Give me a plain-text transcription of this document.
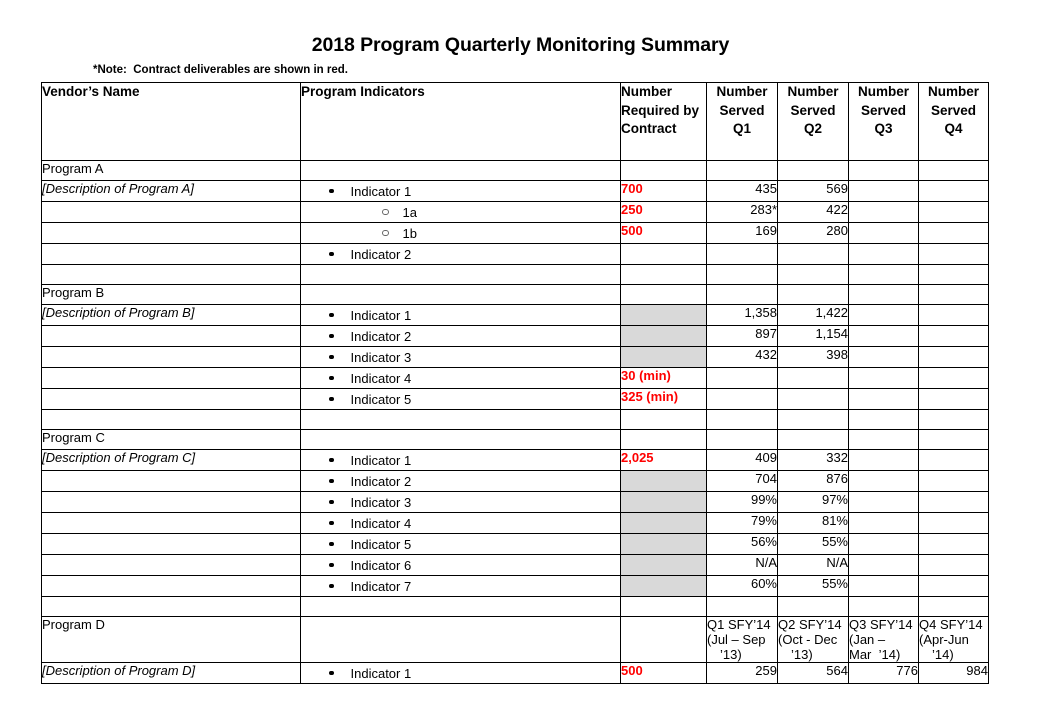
2018 Program Quarterly Monitoring Summary
*Note:  Contract deliverables are shown in red.
Vendor’s Name	Program Indicators	Number Required by Contract	Number
Served
Q1	Number
Served
Q2	Number
Served
Q3	Number
Served
Q4

Program A						
[Description of Program A]	Indicator 1	700	435	569		

	1a	250	283*	422		

	1b	500	169	280		

	Indicator 2					

Program B						
[Description of Program B]	Indicator 1		1,358	1,422		

	Indicator 2		897	1,154		

	Indicator 3		432	398		

	Indicator 4	30 (min)				

	Indicator 5	325 (min)				

Program C						
[Description of Program C]	Indicator 1	2,025	409	332		

	Indicator 2		704	876		

	Indicator 3		99%	97%		

	Indicator 4		79%	81%		

	Indicator 5		56%	55%		

	Indicator 6		N/A	N/A		

	Indicator 7		60%	55%		

Program D			Q1 SFY’14
(Jul – Sep
’13)	Q2 SFY’14
(Oct - Dec
’13)	Q3 SFY’14
(Jan –
Mar  ’14)	Q4 SFY’14
(Apr-Jun
’14)

[Description of Program D]	Indicator 1	500	259	564	776	984
